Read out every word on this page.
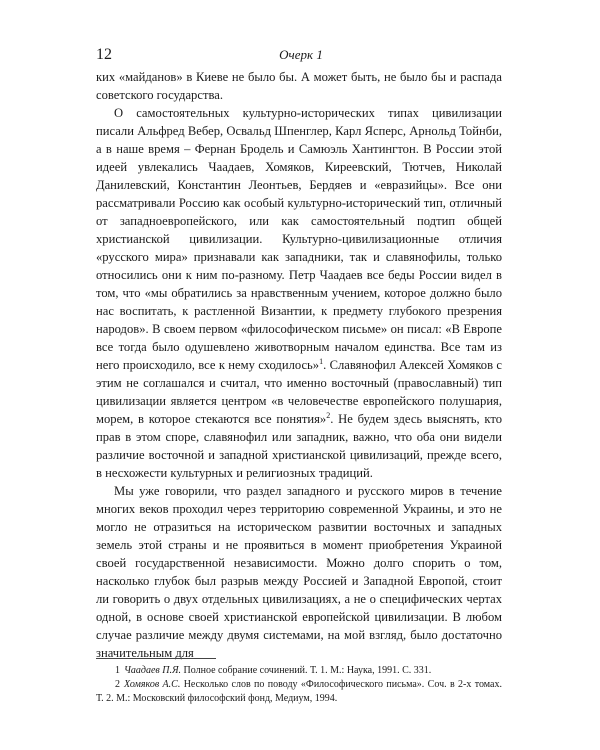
12	Очерк 1

ких «майданов» в Киеве не было бы. А может быть, не было бы и распада советского государства.

О самостоятельных культурно-исторических типах цивилизации писали Альфред Вебер, Освальд Шпенглер, Карл Ясперс, Арнольд Тойнби, а в наше время – Фернан Бродель и Самюэль Хантингтон. В России этой идеей увлекались Чаадаев, Хомяков, Киреевский, Тютчев, Николай Данилевский, Константин Леонтьев, Бердяев и «евразийцы». Все они рассматривали Россию как особый культурно-исторический тип, отличный от западноевропейского, или как самостоятельный подтип общей христианской цивилизации. Культурно-цивилизационные отличия «русского мира» признавали как западники, так и славянофилы, только относились они к ним по-разному. Петр Чаадаев все беды России видел в том, что «мы обратились за нравственным учением, которое должно было нас воспитать, к растленной Византии, к предмету глубокого презрения народов». В своем первом «философическом письме» он писал: «В Европе все тогда было одушевлено животворным началом единства. Все там из него происходило, все к нему сходилось»$^1$. Славянофил Алексей Хомяков с этим не соглашался и считал, что именно восточный (православный) тип цивилизации является центром «в человечестве европейского полушария, морем, в которое стекаются все понятия»$^2$. Не будем здесь выяснять, кто прав в этом споре, славянофил или западник, важно, что оба они видели различие восточной и западной христианской цивилизаций, прежде всего, в несхожести культурных и религиозных традиций.

Мы уже говорили, что раздел западного и русского миров в течение многих веков проходил через территорию современной Украины, и это не могло не отразиться на историческом развитии восточных и западных земель этой страны и не проявиться в момент приобретения Украиной своей государственной независимости. Можно долго спорить о том, насколько глубок был разрыв между Россией и Западной Европой, стоит ли говорить о двух отдельных цивилизациях, а не о специфических чертах одной, в основе своей христианской европейской цивилизации. В любом случае различие между двумя системами, на мой взгляд, было достаточно значительным для

1 Чаадаев П.Я. Полное собрание сочинений. Т. 1. М.: Наука, 1991. С. 331.

2 Хомяков А.С. Несколько слов по поводу «Философического письма». Соч. в 2-х томах. Т. 2. М.: Московский философский фонд, Медиум, 1994.
